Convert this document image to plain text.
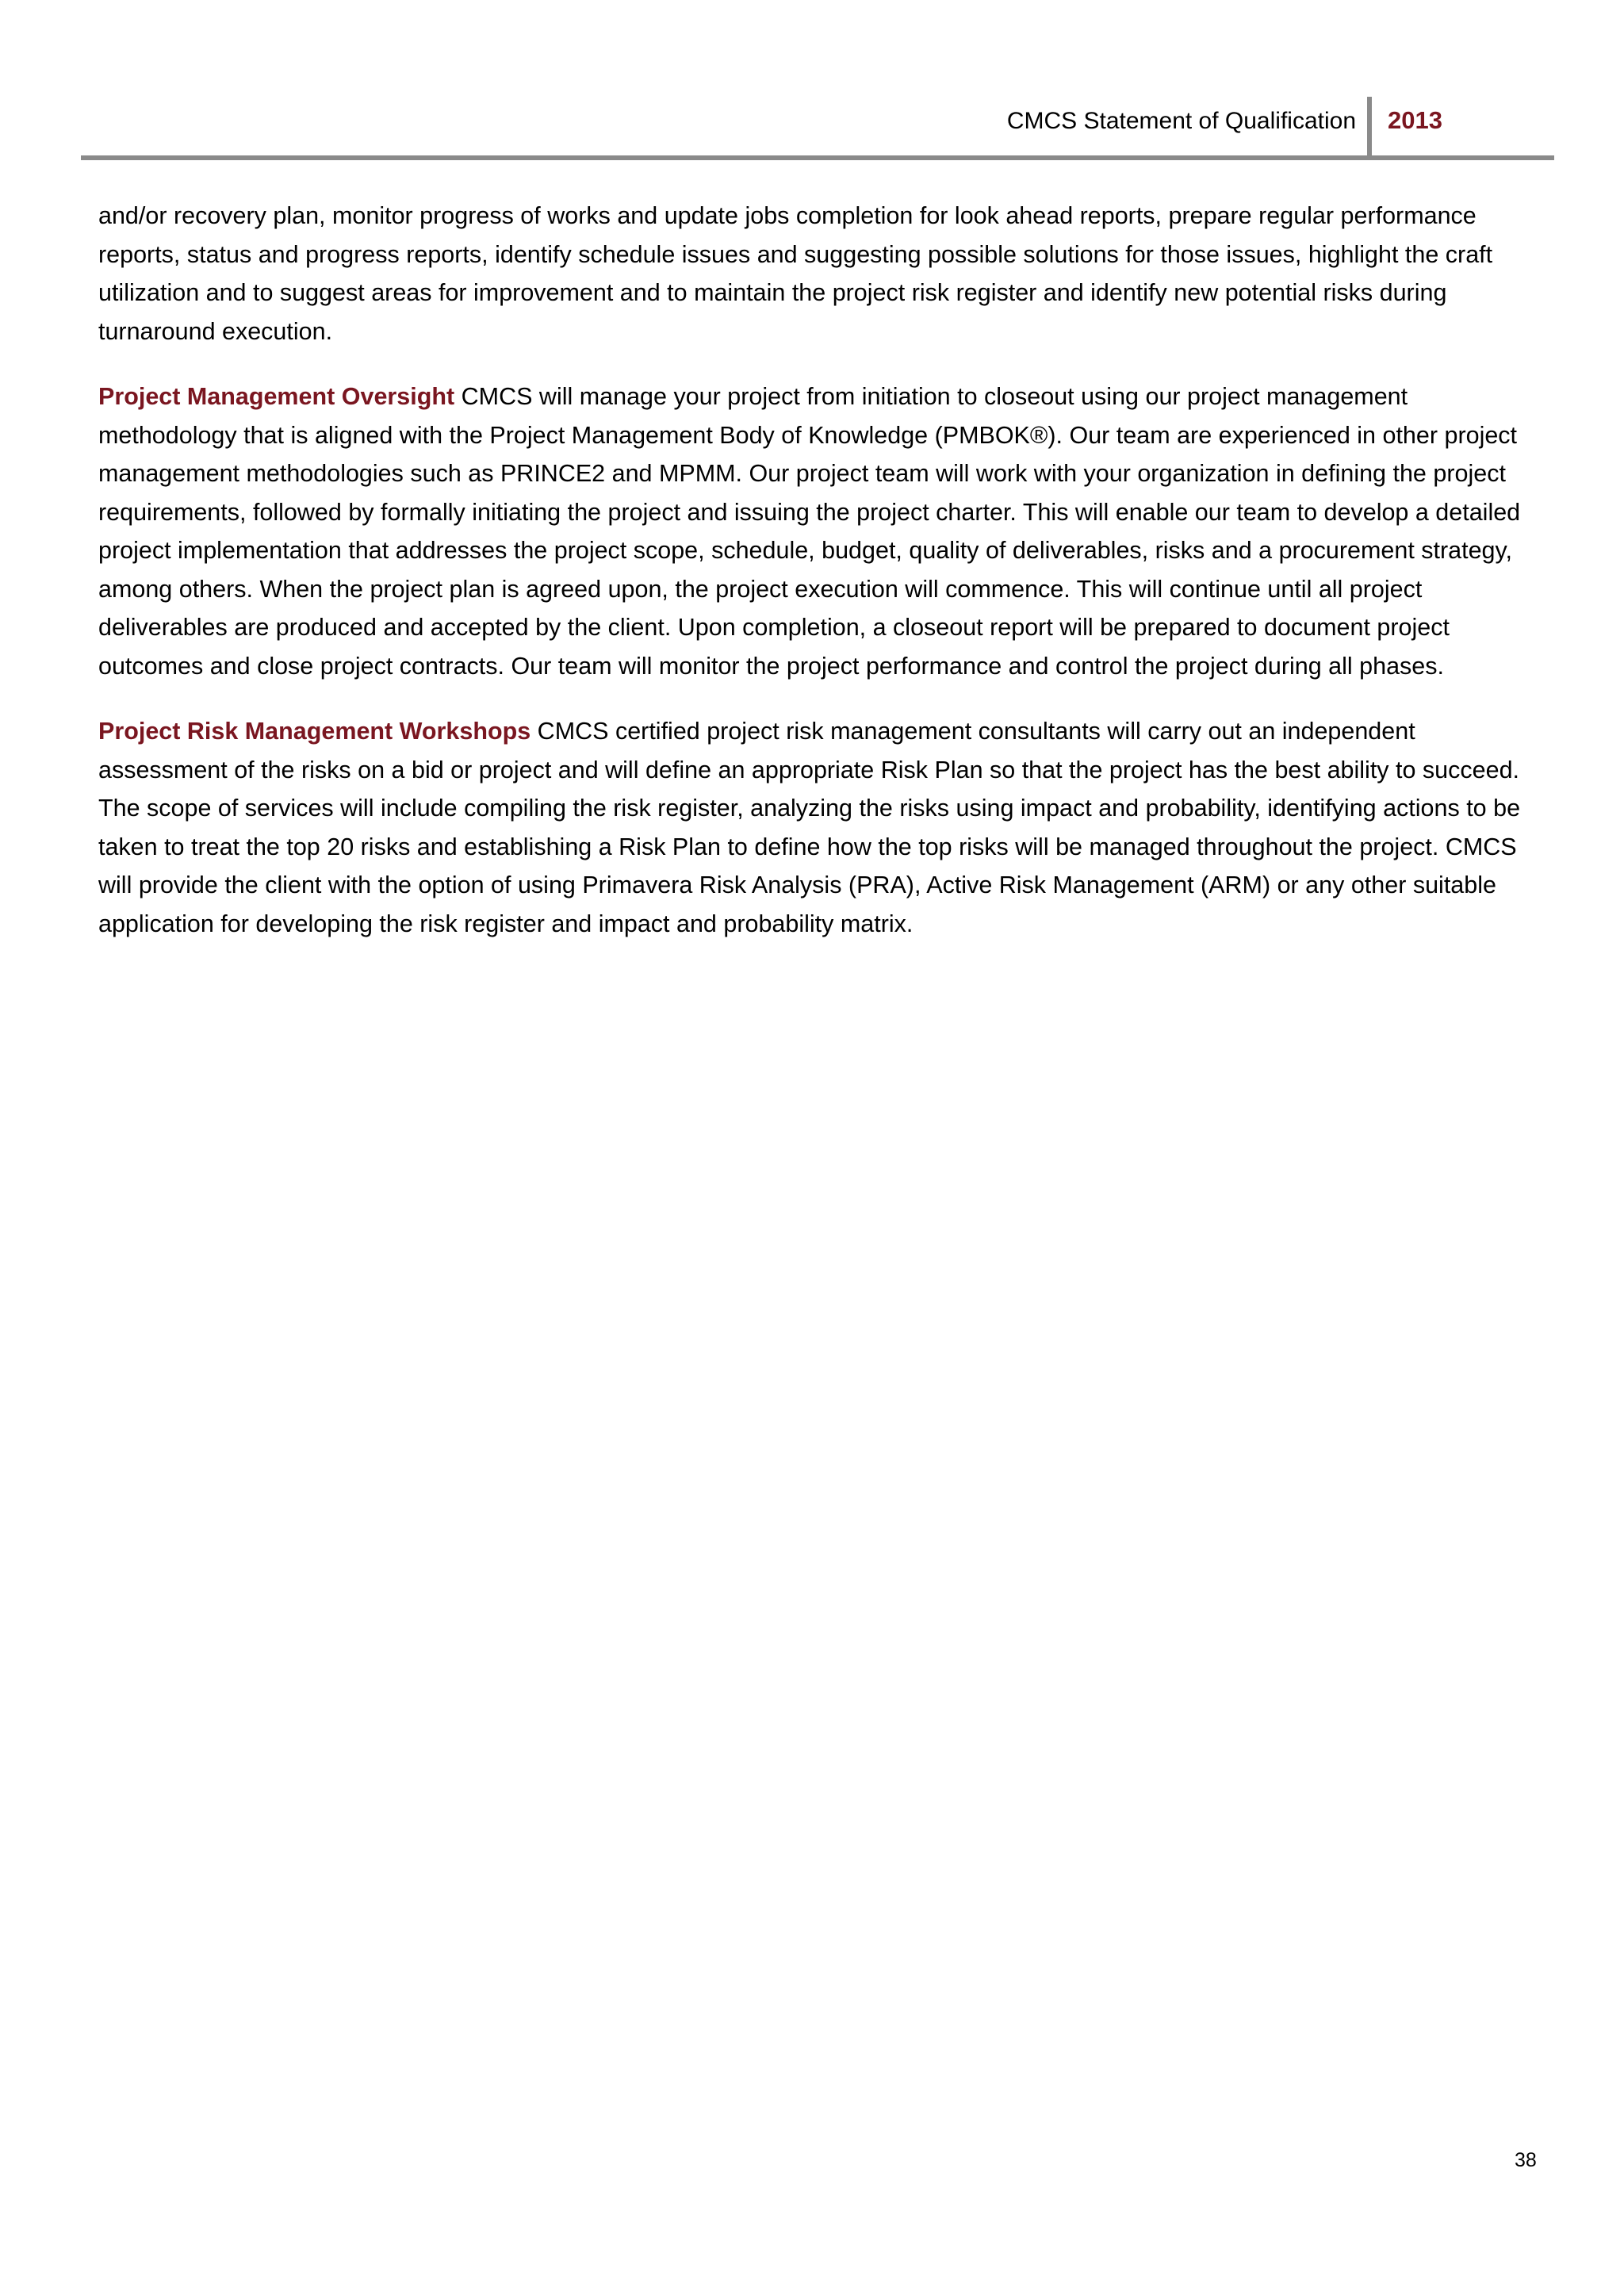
CMCS Statement of Qualification 2013

and/or recovery plan, monitor progress of works and update jobs completion for look ahead reports, prepare regular performance reports, status and progress reports, identify schedule issues and suggesting possible solutions for those issues, highlight the craft utilization and to suggest areas for improvement and to maintain the project risk register and identify new potential risks during turnaround execution.

Project Management Oversight CMCS will manage your project from initiation to closeout using our project management methodology that is aligned with the Project Management Body of Knowledge (PMBOK®). Our team are experienced in other project management methodologies such as PRINCE2 and MPMM. Our project team will work with your organization in defining the project requirements, followed by formally initiating the project and issuing the project charter. This will enable our team to develop a detailed project implementation that addresses the project scope, schedule, budget, quality of deliverables, risks and a procurement strategy, among others. When the project plan is agreed upon, the project execution will commence. This will continue until all project deliverables are produced and accepted by the client. Upon completion, a closeout report will be prepared to document project outcomes and close project contracts. Our team will monitor the project performance and control the project during all phases.

Project Risk Management Workshops CMCS certified project risk management consultants will carry out an independent assessment of the risks on a bid or project and will define an appropriate Risk Plan so that the project has the best ability to succeed. The scope of services will include compiling the risk register, analyzing the risks using impact and probability, identifying actions to be taken to treat the top 20 risks and establishing a Risk Plan to define how the top risks will be managed throughout the project. CMCS will provide the client with the option of using Primavera Risk Analysis (PRA), Active Risk Management (ARM) or any other suitable application for developing the risk register and impact and probability matrix.

38
